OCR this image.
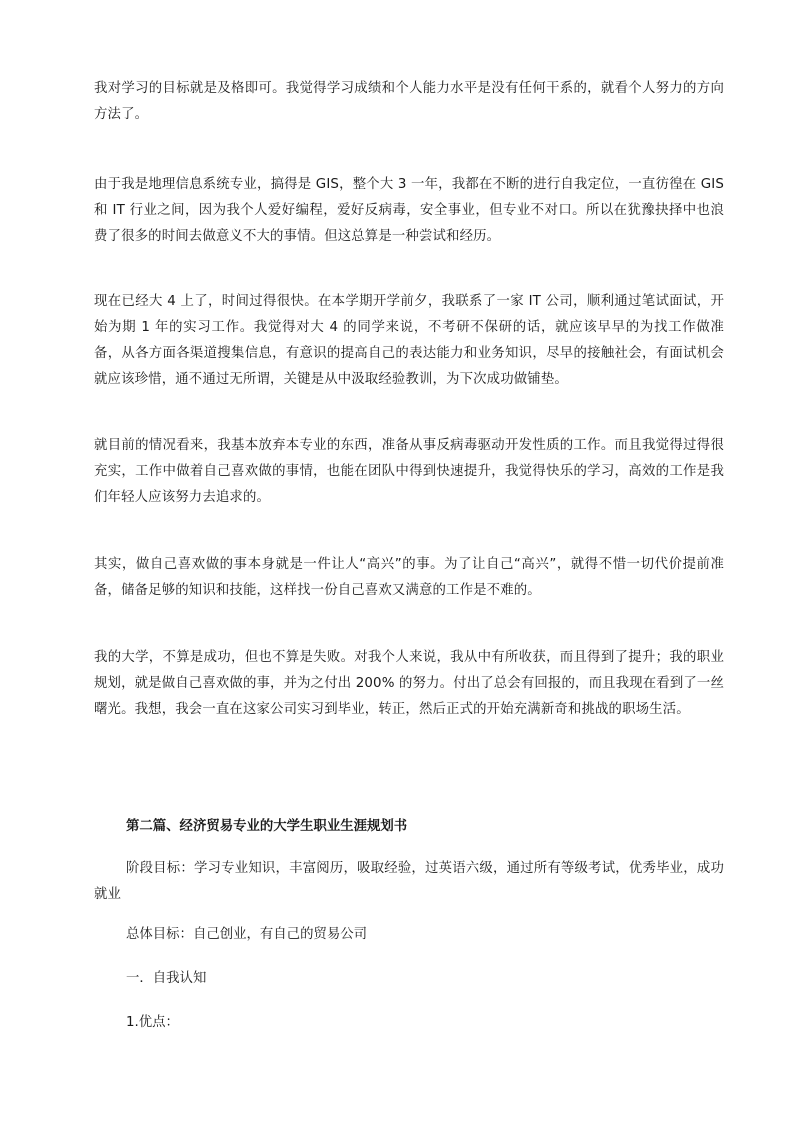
我对学习的目标就是及格即可。我觉得学习成绩和个人能力水平是没有任何干系的，就看个人努力的方向方法了。

由于我是地理信息系统专业，搞得是 GIS，整个大 3 一年，我都在不断的进行自我定位，一直彷徨在 GIS 和 IT 行业之间，因为我个人爱好编程，爱好反病毒，安全事业，但专业不对口。所以在犹豫抉择中也浪费了很多的时间去做意义不大的事情。但这总算是一种尝试和经历。

现在已经大 4 上了，时间过得很快。在本学期开学前夕，我联系了一家 IT 公司，顺利通过笔试面试，开始为期 1 年的实习工作。我觉得对大 4 的同学来说，不考研不保研的话，就应该早早的为找工作做准备，从各方面各渠道搜集信息，有意识的提高自己的表达能力和业务知识，尽早的接触社会，有面试机会就应该珍惜，通不通过无所谓，关键是从中汲取经验教训，为下次成功做铺垫。

就目前的情况看来，我基本放弃本专业的东西，准备从事反病毒驱动开发性质的工作。而且我觉得过得很充实，工作中做着自己喜欢做的事情，也能在团队中得到快速提升，我觉得快乐的学习，高效的工作是我们年轻人应该努力去追求的。

其实，做自己喜欢做的事本身就是一件让人“高兴”的事。为了让自己“高兴”，就得不惜一切代价提前准备，储备足够的知识和技能，这样找一份自己喜欢又满意的工作是不难的。

我的大学，不算是成功，但也不算是失败。对我个人来说，我从中有所收获，而且得到了提升；我的职业规划，就是做自己喜欢做的事，并为之付出 200% 的努力。付出了总会有回报的，而且我现在看到了一丝曙光。我想，我会一直在这家公司实习到毕业，转正，然后正式的开始充满新奇和挑战的职场生活。

第二篇、经济贸易专业的大学生职业生涯规划书

阶段目标：学习专业知识，丰富阅历，吸取经验，过英语六级，通过所有等级考试，优秀毕业，成功就业

总体目标：自己创业，有自己的贸易公司

一．自我认知

1.优点：
